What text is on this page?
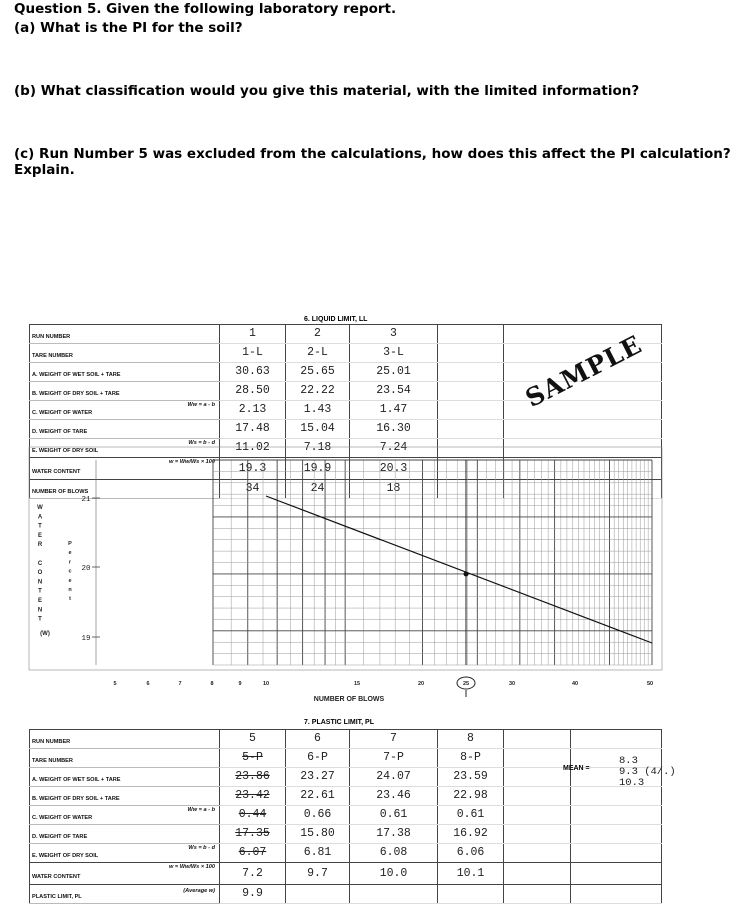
Question 5. Given the following laboratory report.
(a) What is the PI for the soil?
(b) What classification would you give this material, with the limited information?
(c) Run Number 5 was excluded from the calculations, how does this affect the PI calculation? Explain.
6. LIQUID LIMIT, LL
RUN NUMBER	1	2	3		
TARE NUMBER	1-L	2-L	3-L		
A. WEIGHT OF WET SOIL + TARE	30.63	25.65	25.01		
B. WEIGHT OF DRY SOIL + TARE	28.50	22.22	23.54		
C. WEIGHT OF WATER
Ww = a - b	2.13	1.43	1.47		
D. WEIGHT OF TARE	17.48	15.04	16.30		
E. WEIGHT OF DRY SOIL
Ws = b - d	11.02	7.18	7.24		
WATER CONTENT
w = Ww/Ws × 100	19.3	19.9	20.3		
NUMBER OF BLOWS	34	24	18		
SAMPLE
21
20
19
W
A
T
E
R
C
O
N
T
E
N
T
P
e
r
c
e
n
t
(W)
5	6	7	8	9	10	15	20	25	30	40	50
NUMBER OF BLOWS
7. PLASTIC LIMIT, PL
RUN NUMBER	5	6	7	8		
TARE NUMBER	5-P	6-P	7-P	8-P		
A. WEIGHT OF WET SOIL + TARE	23.86	23.27	24.07	23.59		
B. WEIGHT OF DRY SOIL + TARE	23.42	22.61	23.46	22.98		
C. WEIGHT OF WATER
Ww = a - b	0.44	0.66	0.61	0.61		
D. WEIGHT OF TARE	17.35	15.80	17.38	16.92		
E. WEIGHT OF DRY SOIL
Ws = b - d	6.07	6.81	6.08	6.06		
WATER CONTENT
w = Ww/Ws × 100	7.2	9.7	10.0	10.1		
PLASTIC LIMIT, PL
(Average w)	9.9					
MEAN =
8.3
9.3 (4/.)
10.3
